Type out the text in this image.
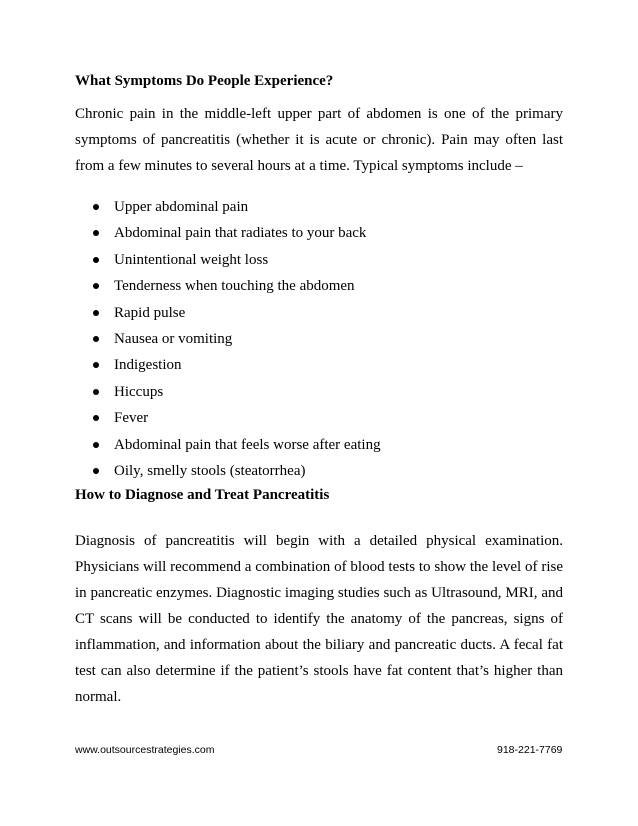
What Symptoms Do People Experience?

Chronic pain in the middle-left upper part of abdomen is one of the primary symptoms of pancreatitis (whether it is acute or chronic). Pain may often last from a few minutes to several hours at a time. Typical symptoms include –

Upper abdominal pain
Abdominal pain that radiates to your back
Unintentional weight loss
Tenderness when touching the abdomen
Rapid pulse
Nausea or vomiting
Indigestion
Hiccups
Fever
Abdominal pain that feels worse after eating
Oily, smelly stools (steatorrhea)
How to Diagnose and Treat Pancreatitis

Diagnosis of pancreatitis will begin with a detailed physical examination. Physicians will recommend a combination of blood tests to show the level of rise in pancreatic enzymes. Diagnostic imaging studies such as Ultrasound, MRI, and CT scans will be conducted to identify the anatomy of the pancreas, signs of inflammation, and information about the biliary and pancreatic ducts. A fecal fat test can also determine if the patient’s stools have fat content that’s higher than normal.

www.outsourcestrategies.com	918-221-7769
